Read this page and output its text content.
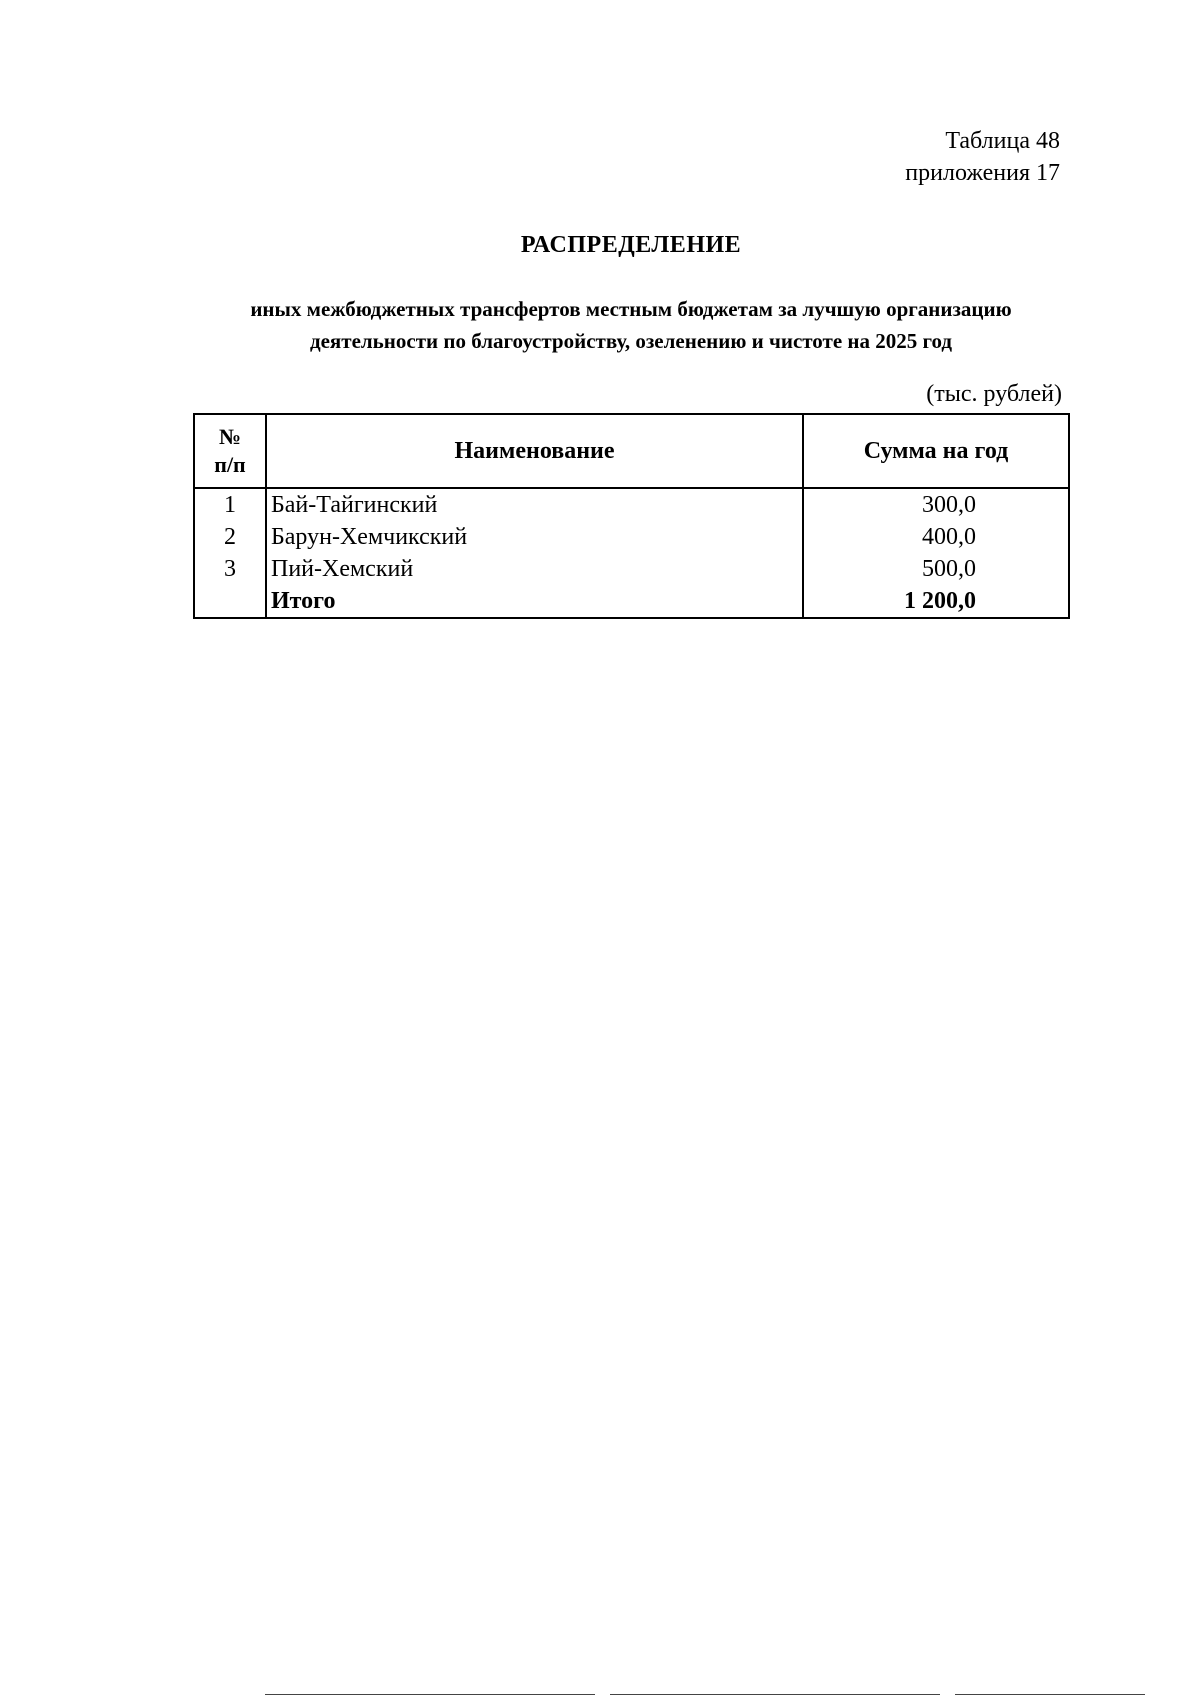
Таблица 48
приложения 17
РАСПРЕДЕЛЕНИЕ
иных межбюджетных трансфертов местным бюджетам за лучшую организацию
деятельности по благоустройству, озеленению и чистоте на 2025 год
(тыс. рублей)
№
п/п	Наименование	Сумма на год
1	Бай-Тайгинский	300,0
2	Барун-Хемчикский	400,0
3	Пий-Хемский	500,0
	Итого	1 200,0
